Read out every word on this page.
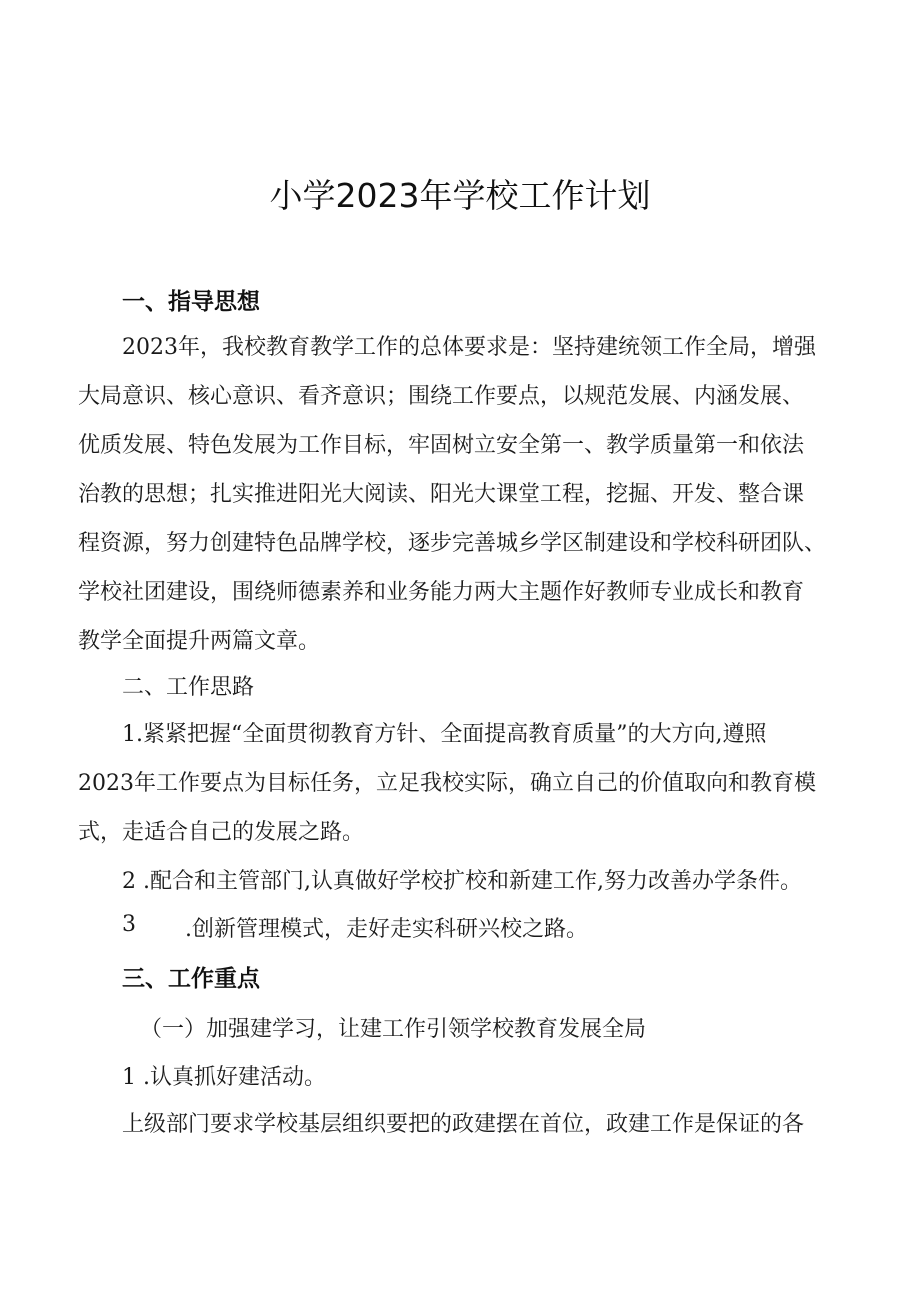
小学2023年学校工作计划
一、指导思想
2023年，我校教育教学工作的总体要求是：坚持建统领工作全局，增强
大局意识、核心意识、看齐意识；围绕工作要点，以规范发展、内涵发展、
优质发展、特色发展为工作目标，牢固树立安全第一、教学质量第一和依法
治教的思想；扎实推进阳光大阅读、阳光大课堂工程，挖掘、开发、整合课
程资源，努力创建特色品牌学校，逐步完善城乡学区制建设和学校科研团队、
学校社团建设，围绕师德素养和业务能力两大主题作好教师专业成长和教育
教学全面提升两篇文章。
二、工作思路
1.紧紧把握“全面贯彻教育方针、全面提高教育质量”的大方向,遵照
2023年工作要点为目标任务，立足我校实际，确立自己的价值取向和教育模
式，走适合自己的发展之路。
2 .配合和主管部门,认真做好学校扩校和新建工作,努力改善办学条件。
3 .创新管理模式，走好走实科研兴校之路。
三、工作重点
（一）加强建学习，让建工作引领学校教育发展全局
1 .认真抓好建活动。
上级部门要求学校基层组织要把的政建摆在首位，政建工作是保证的各
